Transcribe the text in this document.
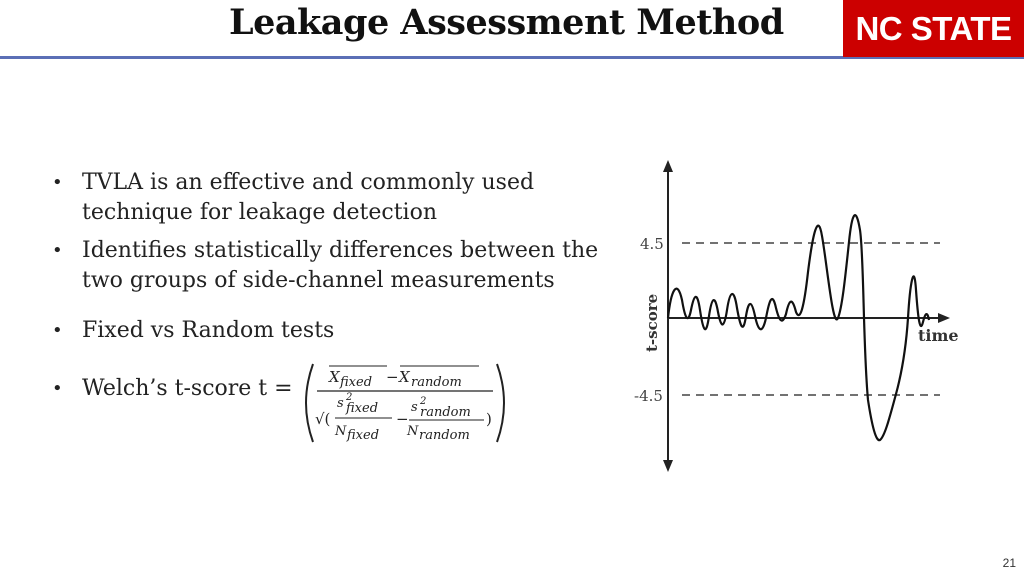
Leakage Assessment Method	NC STATE
• TVLA is an effective and commonly used technique for leakage detection
• Identifies statistically differences between the two groups of side-channel measurements
• Fixed vs Random tests
• Welch’s t-score t =	X fixed − X random
√(
s 2
fixed
N fixed
−
s 2
random
N random
)
4.5
-4.5
t-score	time
21
